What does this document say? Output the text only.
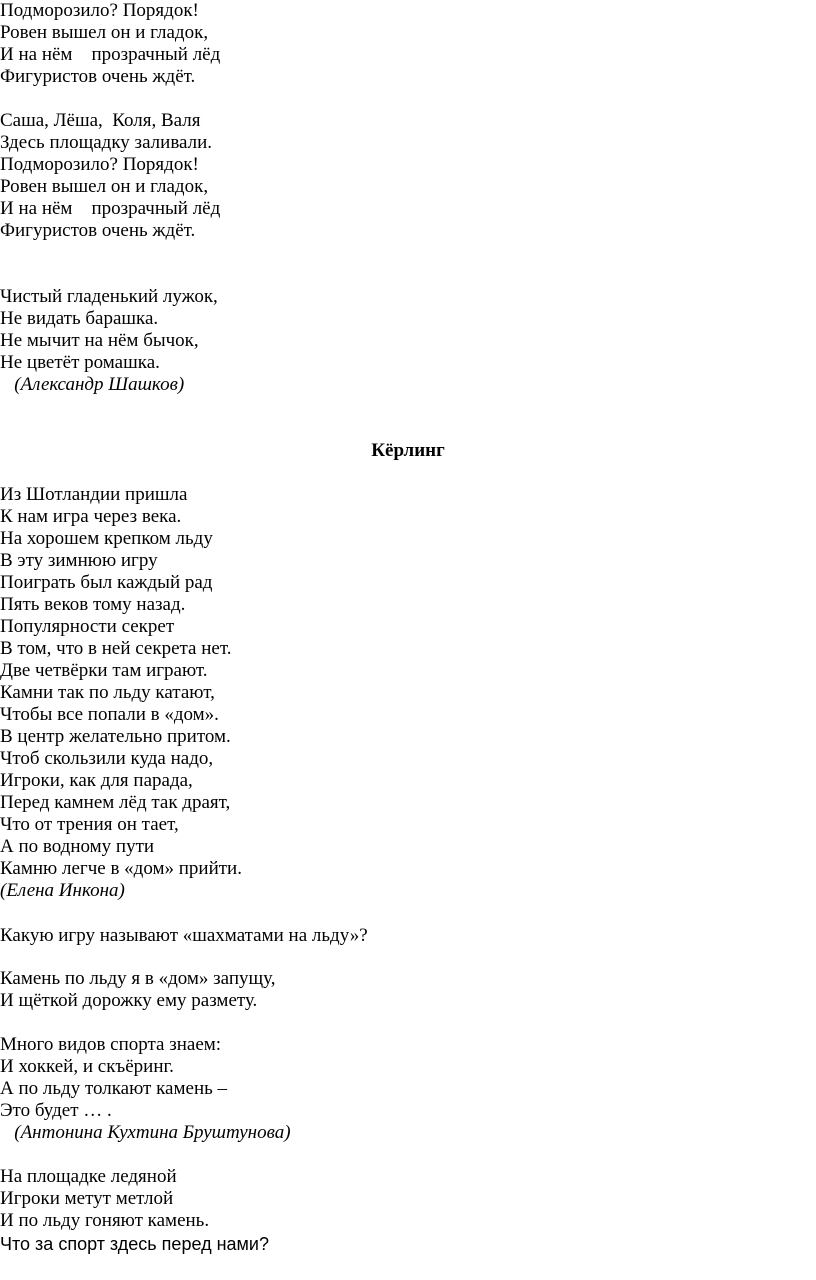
Подморозило? Порядок!
Ровен вышел он и гладок,
И на нём    прозрачный лёд
Фигуристов очень ждёт.
Саша, Лёша,  Коля, Валя
Здесь площадку заливали.
Подморозило? Порядок!
Ровен вышел он и гладок,
И на нём    прозрачный лёд
Фигуристов очень ждёт.
Чистый гладенький лужок,
Не видать барашка.
Не мычит на нём бычок,
Не цветёт ромашка.
(Александр Шашков)
Кёрлинг
Из Шотландии пришла
К нам игра через века.
На хорошем крепком льду
В эту зимнюю игру
Поиграть был каждый рад
Пять веков тому назад.
Популярности секрет
В том, что в ней секрета нет.
Две четвёрки там играют.
Камни так по льду катают,
Чтобы все попали в «дом».
В центр желательно притом.
Чтоб скользили куда надо,
Игроки, как для парада,
Перед камнем лёд так драят,
Что от трения он тает,
А по водному пути
Камню легче в «дом» прийти.
(Елена Инкона)
Какую игру называют «шахматами на льду»?
Камень по льду я в «дом» запущу,
И щёткой дорожку ему размету.
Много видов спорта знаем:
И хоккей, и скъёринг.
А по льду толкают камень –
Это будет … .
(Антонина Кухтина Бруштунова)
На площадке ледяной
Игроки метут метлой
И по льду гоняют камень.
Что за спорт здесь перед нами?
